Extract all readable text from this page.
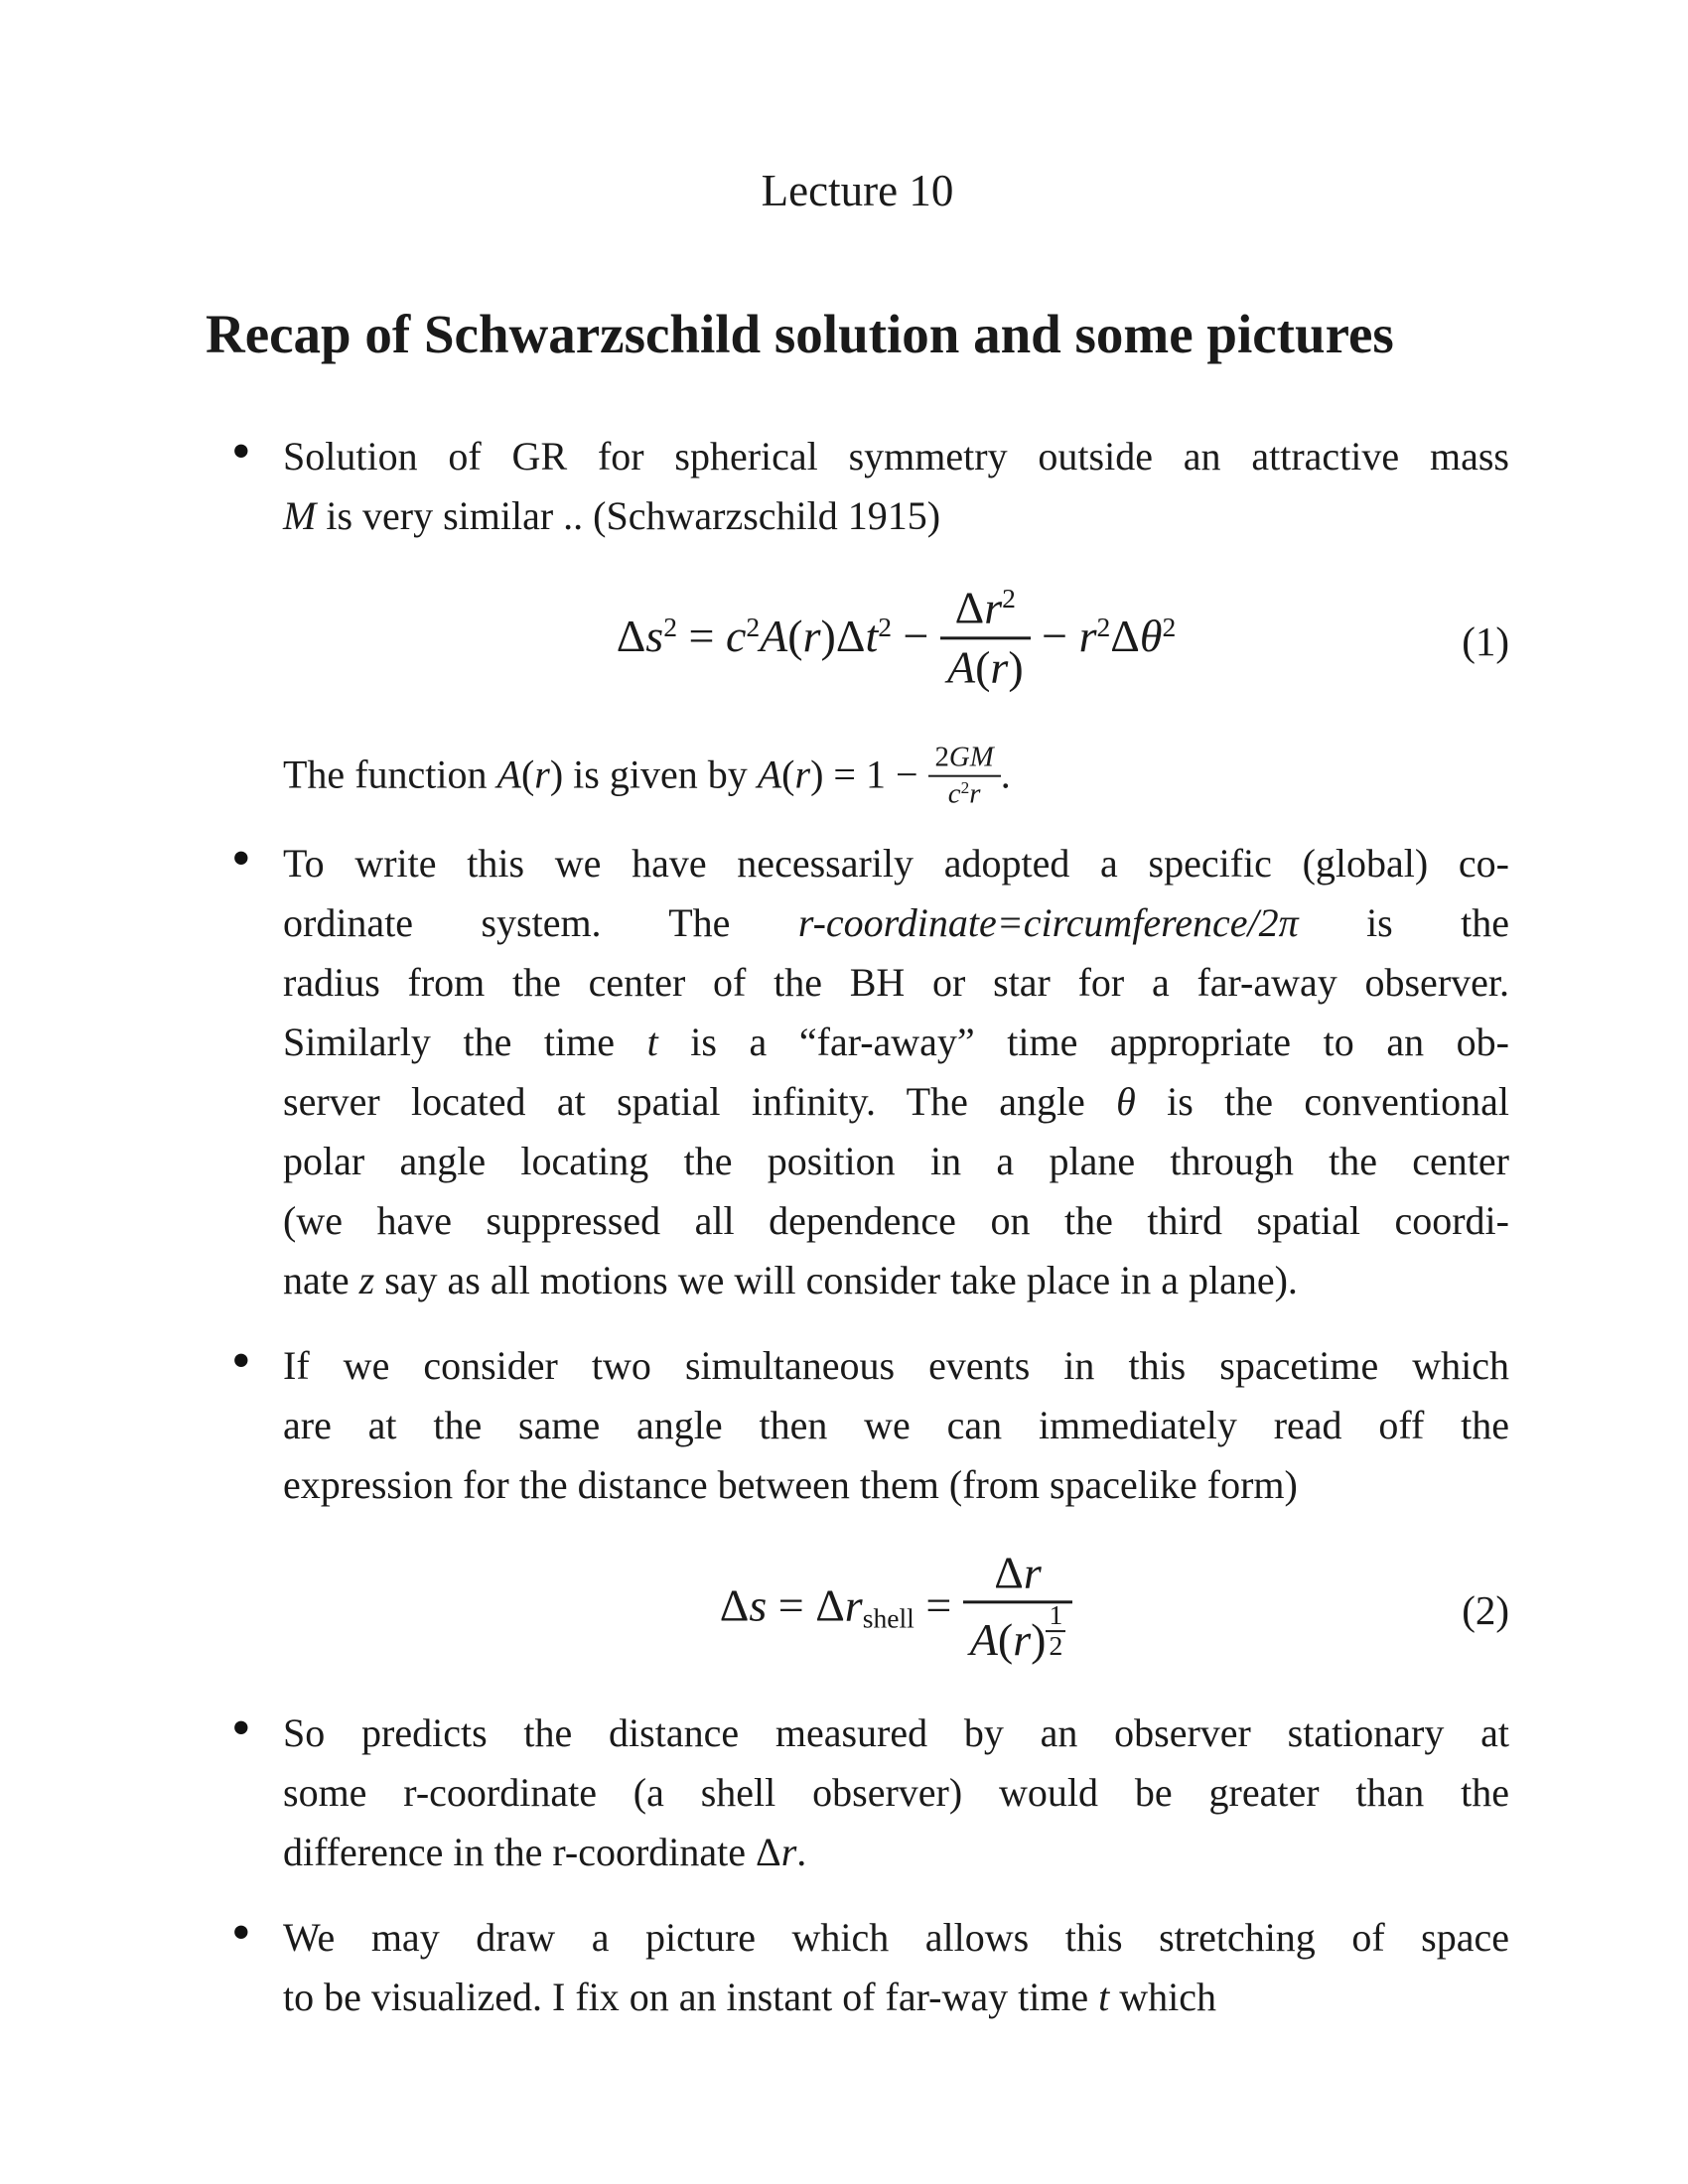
Lecture 10
Recap of Schwarzschild solution and some pictures
• Solution of GR for spherical symmetry outside an attractive mass
M is very similar .. (Schwarzschild 1915)
$\Delta s^2 = c^2A(r)\Delta t^2 - \frac{\Delta r^2}{A(r)} - r^2\Delta\theta^2$	(1)
The function A(r) is given by $A(r) = 1 - \frac{2GM}{c^2r}$ .
• To write this we have necessarily adopted a specific (global) co-
ordinate system. The r-coordinate=circumference/2π is the
radius from the center of the BH or star for a far-away observer.
Similarly the time t is a “far-away” time appropriate to an ob-
server located at spatial infinity. The angle θ is the conventional
polar angle locating the position in a plane through the center
(we have suppressed all dependence on the third spatial coordi-
nate z say as all motions we will consider take place in a plane).
• If we consider two simultaneous events in this spacetime which
are at the same angle then we can immediately read off the
expression for the distance between them (from spacelike form)
$\Delta s = \Delta r_{shell} = \Delta r$
A(r) $^{\frac{1}{2}}$	(2)
• So predicts the distance measured by an observer stationary at
some r-coordinate (a shell observer) would be greater than the
difference in the r-coordinate Δr.
• We may draw a picture which allows this stretching of space
to be visualized. I fix on an instant of far-way time t which
